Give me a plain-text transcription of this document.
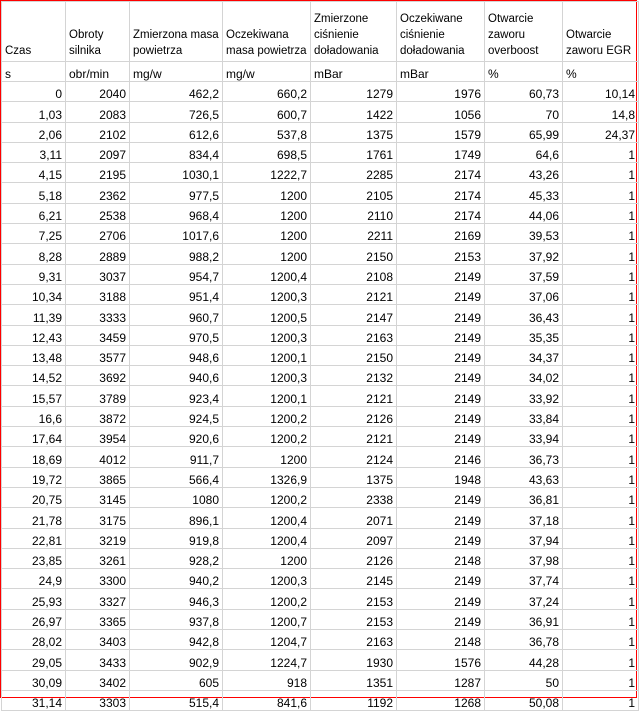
Czas	Obroty silnika	Zmierzona masa powietrza	Oczekiwana masa powietrza	Zmierzone ciśnienie doładowania	Oczekiwane ciśnienie doładowania	Otwarcie zaworu overboost	Otwarcie zaworu EGR
s	obr/min	mg/w	mg/w	mBar	mBar	%	%
0	2040	462,2	660,2	1279	1976	60,73	10,14
1,03	2083	726,5	600,7	1422	1056	70	14,8
2,06	2102	612,6	537,8	1375	1579	65,99	24,37
3,11	2097	834,4	698,5	1761	1749	64,6	1
4,15	2195	1030,1	1222,7	2285	2174	43,26	1
5,18	2362	977,5	1200	2105	2174	45,33	1
6,21	2538	968,4	1200	2110	2174	44,06	1
7,25	2706	1017,6	1200	2211	2169	39,53	1
8,28	2889	988,2	1200	2150	2153	37,92	1
9,31	3037	954,7	1200,4	2108	2149	37,59	1
10,34	3188	951,4	1200,3	2121	2149	37,06	1
11,39	3333	960,7	1200,5	2147	2149	36,43	1
12,43	3459	970,5	1200,3	2163	2149	35,35	1
13,48	3577	948,6	1200,1	2150	2149	34,37	1
14,52	3692	940,6	1200,3	2132	2149	34,02	1
15,57	3789	923,4	1200,1	2121	2149	33,92	1
16,6	3872	924,5	1200,2	2126	2149	33,84	1
17,64	3954	920,6	1200,2	2121	2149	33,94	1
18,69	4012	911,7	1200	2124	2146	36,73	1
19,72	3865	566,4	1326,9	1375	1948	43,63	1
20,75	3145	1080	1200,2	2338	2149	36,81	1
21,78	3175	896,1	1200,4	2071	2149	37,18	1
22,81	3219	919,8	1200,4	2097	2149	37,94	1
23,85	3261	928,2	1200	2126	2148	37,98	1
24,9	3300	940,2	1200,3	2145	2149	37,74	1
25,93	3327	946,3	1200,2	2153	2149	37,24	1
26,97	3365	937,8	1200,7	2153	2149	36,91	1
28,02	3403	942,8	1204,7	2163	2148	36,78	1
29,05	3433	902,9	1224,7	1930	1576	44,28	1
30,09	3402	605	918	1351	1287	50	1
31,14	3303	515,4	841,6	1192	1268	50,08	1
